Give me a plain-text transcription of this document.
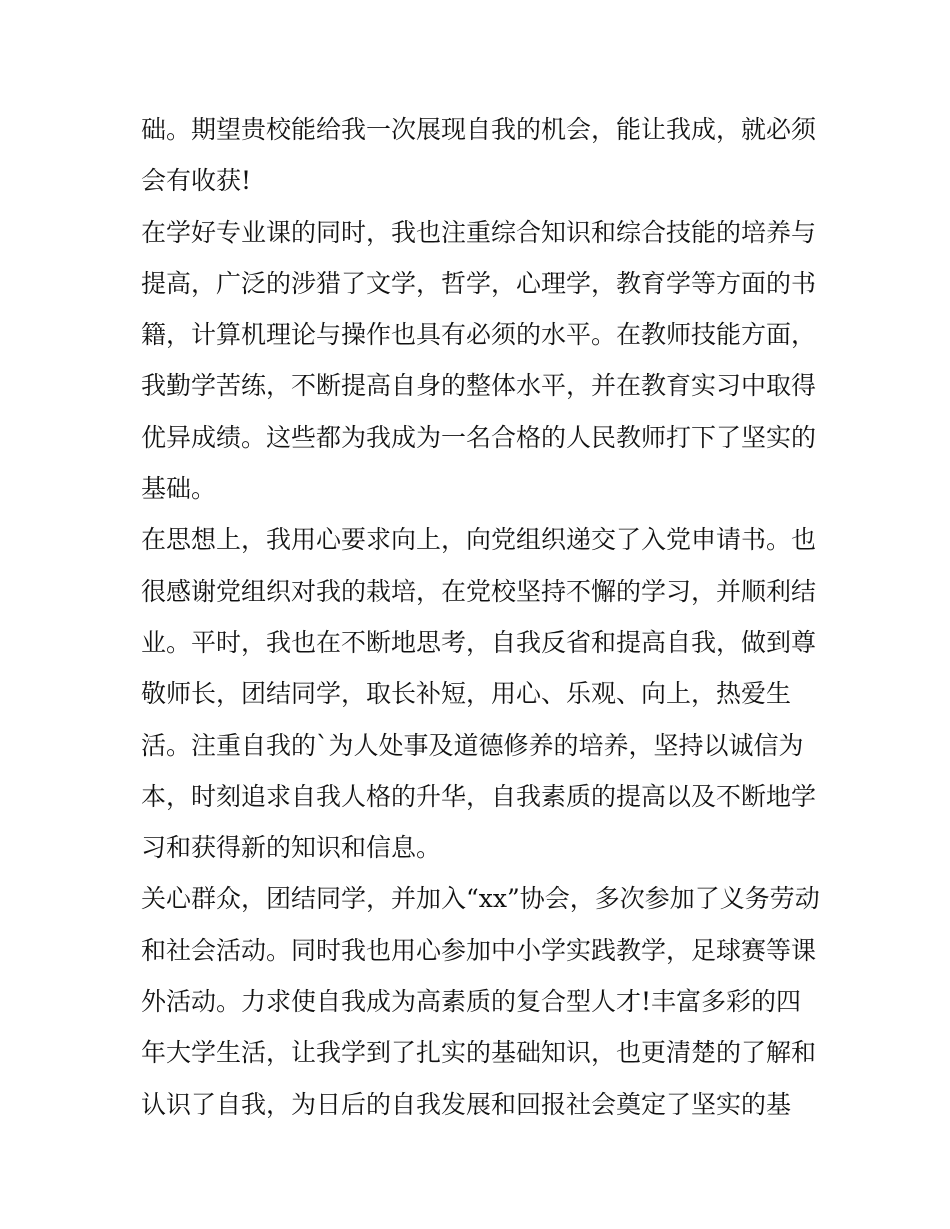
础。期望贵校能给我一次展现自我的机会，能让我成，就必须
会有收获!
在学好专业课的同时，我也注重综合知识和综合技能的培养与
提高，广泛的涉猎了文学，哲学，心理学，教育学等方面的书
籍，计算机理论与操作也具有必须的水平。在教师技能方面，
我勤学苦练，不断提高自身的整体水平，并在教育实习中取得
优异成绩。这些都为我成为一名合格的人民教师打下了坚实的
基础。
在思想上，我用心要求向上，向党组织递交了入党申请书。也
很感谢党组织对我的栽培，在党校坚持不懈的学习，并顺利结
业。平时，我也在不断地思考，自我反省和提高自我，做到尊
敬师长，团结同学，取长补短，用心、乐观、向上，热爱生
活。注重自我的`为人处事及道德修养的培养，坚持以诚信为
本，时刻追求自我人格的升华，自我素质的提高以及不断地学
习和获得新的知识和信息。
关心群众，团结同学，并加入“xx”协会，多次参加了义务劳动
和社会活动。同时我也用心参加中小学实践教学，足球赛等课
外活动。力求使自我成为高素质的复合型人才!丰富多彩的四
年大学生活，让我学到了扎实的基础知识，也更清楚的了解和
认识了自我，为日后的自我发展和回报社会奠定了坚实的基
